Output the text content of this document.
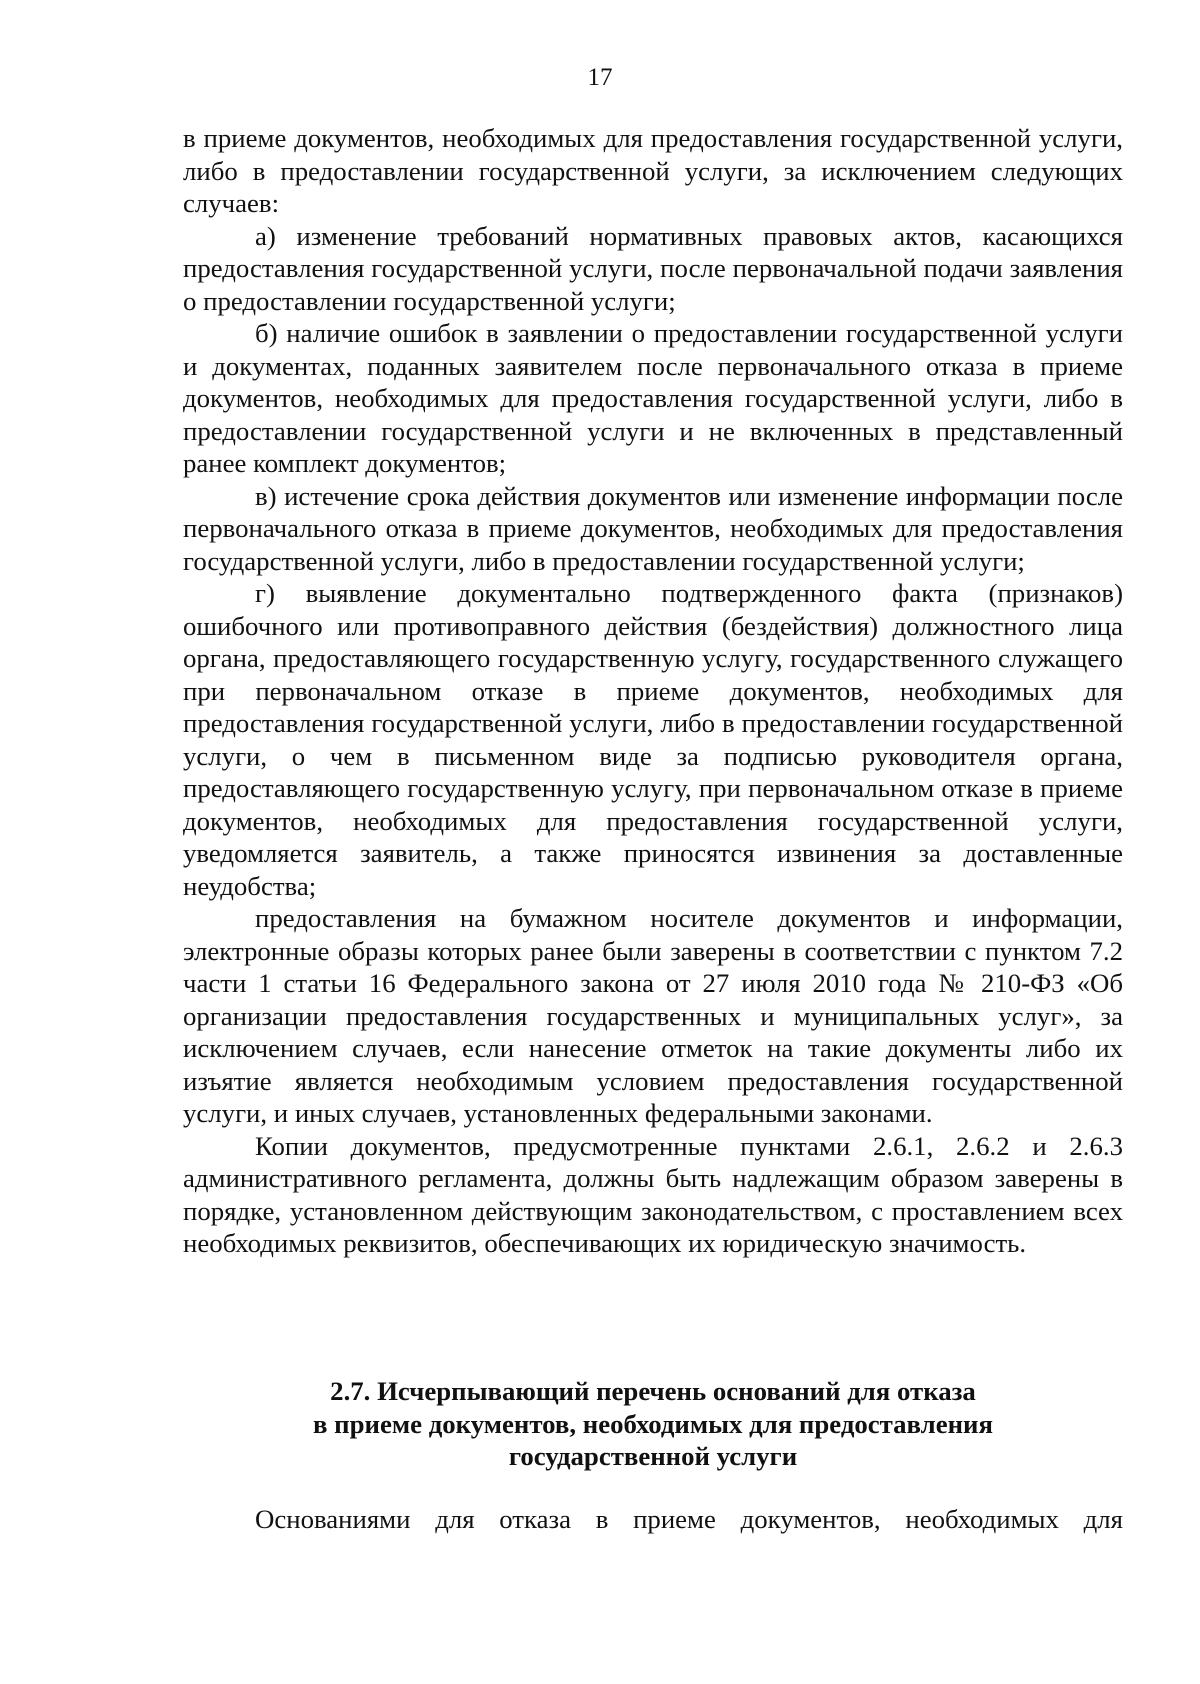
17

в приеме документов, необходимых для предоставления государственной услуги, либо в предоставлении государственной услуги, за исключением следующих случаев:

а) изменение требований нормативных правовых актов, касающихся предоставления государственной услуги, после первоначальной подачи заявления о предоставлении государственной услуги;

б) наличие ошибок в заявлении о предоставлении государственной услуги и документах, поданных заявителем после первоначального отказа в приеме документов, необходимых для предоставления государственной услуги, либо в предоставлении государственной услуги и не включенных в представленный ранее комплект документов;

в) истечение срока действия документов или изменение информации после первоначального отказа в приеме документов, необходимых для предоставления государственной услуги, либо в предоставлении государственной услуги;

г) выявление документально подтвержденного факта (признаков) ошибочного или противоправного действия (бездействия) должностного лица органа, предоставляющего государственную услугу, государственного служащего при первоначальном отказе в приеме документов, необходимых для предоставления государственной услуги, либо в предоставлении государственной услуги, о чем в письменном виде за подписью руководителя органа, предоставляющего государственную услугу, при первоначальном отказе в приеме документов, необходимых для предоставления государственной услуги, уведомляется заявитель, а также приносятся извинения за доставленные неудобства;

предоставления на бумажном носителе документов и информации, электронные образы которых ранее были заверены в соответствии с пунктом 7.2 части 1 статьи 16 Федерального закона от 27 июля 2010 года № 210-ФЗ «Об организации предоставления государственных и муниципальных услуг», за исключением случаев, если нанесение отметок на такие документы либо их изъятие является необходимым условием предоставления государственной услуги, и иных случаев, установленных федеральными законами.

Копии документов, предусмотренные пунктами 2.6.1, 2.6.2 и 2.6.3 административного регламента, должны быть надлежащим образом заверены в порядке, установленном действующим законодательством, с проставлением всех необходимых реквизитов, обеспечивающих их юридическую значимость.

2.7. Исчерпывающий перечень оснований для отказа
в приеме документов, необходимых для предоставления
государственной услуги

Основаниями для отказа в приеме документов, необходимых для
